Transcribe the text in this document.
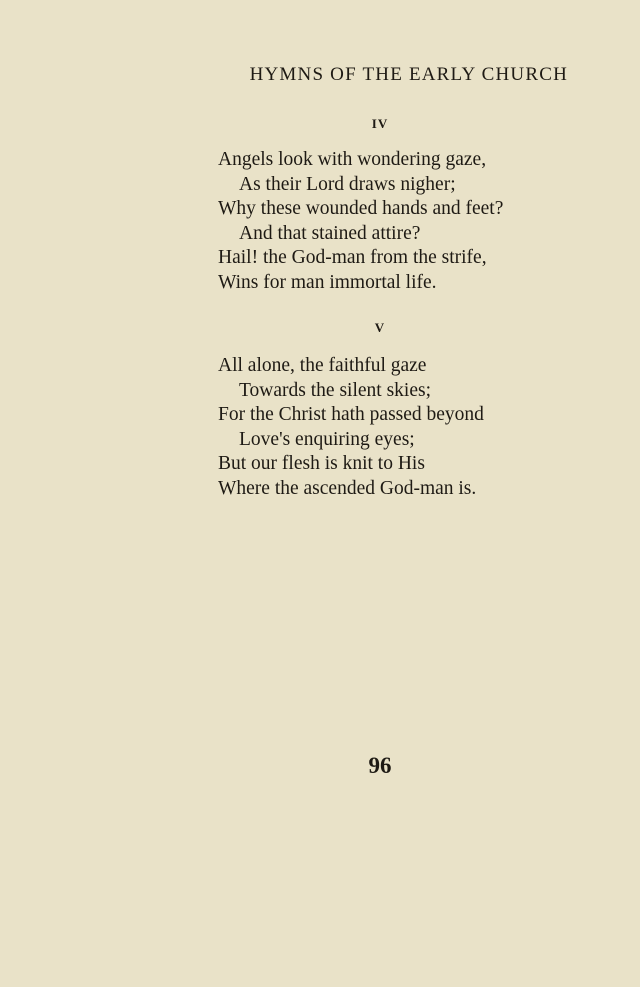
HYMNS OF THE EARLY CHURCH
IV
Angels look with wondering gaze,
As their Lord draws nigher;
Why these wounded hands and feet?
And that stained attire?
Hail! the God-man from the strife,
Wins for man immortal life.
V
All alone, the faithful gaze
Towards the silent skies;
For the Christ hath passed beyond
Love's enquiring eyes;
But our flesh is knit to His
Where the ascended God-man is.
96
